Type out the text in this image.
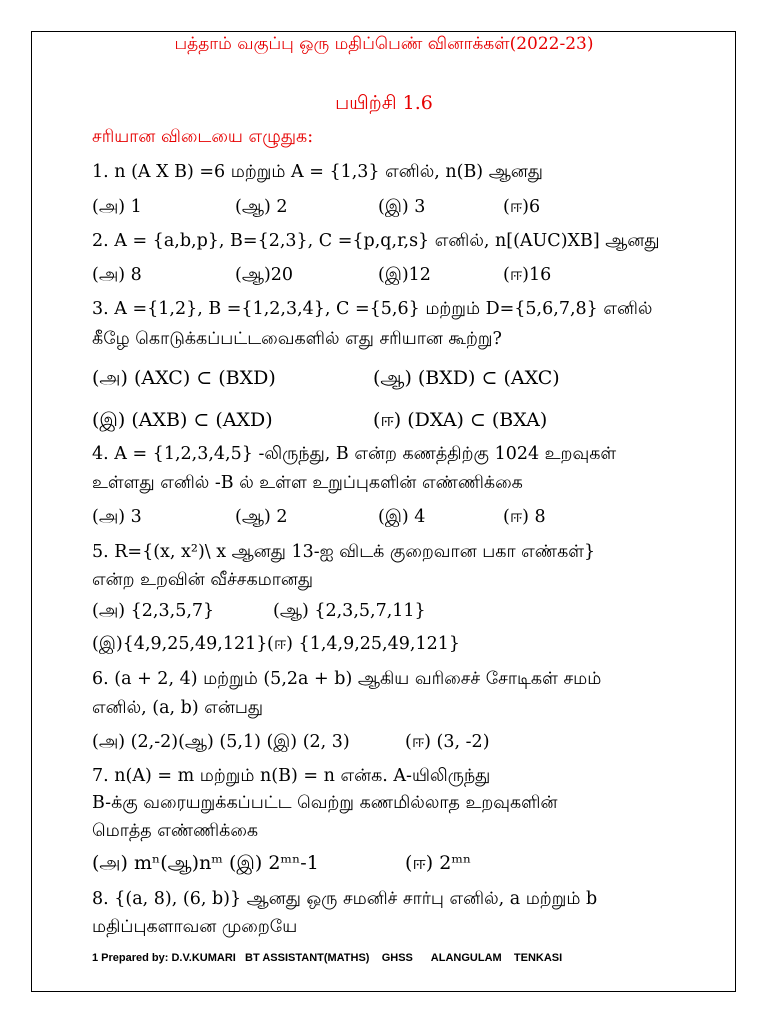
பத்தாம் வகுப்பு ஒரு மதிப்பெண் வினாக்கள்(2022-23)
பயிற்சி 1.6
சரியான விடையை எழுதுக:
1. n (A X B) =6 மற்றும் A = {1,3} எனில், n(B) ஆனது
(அ) 1	(ஆ) 2	(இ) 3	(ஈ)6
2. A = {a,b,p}, B={2,3}, C ={p,q,r,s} எனில், n[(AUC)XB] ஆனது
(அ) 8	(ஆ)20	(இ)12	(ஈ)16
3. A ={1,2}, B ={1,2,3,4}, C ={5,6} மற்றும் D={5,6,7,8} எனில்
கீழே கொடுக்கப்பட்டவைகளில் எது சரியான கூற்று?
(அ) (AXC) ⊂ (BXD)	(ஆ) (BXD) ⊂ (AXC)
(இ) (AXB) ⊂ (AXD)	(ஈ) (DXA) ⊂ (BXA)
4. A = {1,2,3,4,5} -லிருந்து, B என்ற கணத்திற்கு 1024 உறவுகள்
உள்ளது எனில் -B ல் உள்ள உறுப்புகளின் எண்ணிக்கை
(அ) 3	(ஆ) 2	(இ) 4	(ஈ) 8
5. R={(x, x²)\ x ஆனது 13-ஐ விடக் குறைவான பகா எண்கள்}
என்ற உறவின் வீச்சகமானது
(அ) {2,3,5,7}	(ஆ) {2,3,5,7,11}
(இ){4,9,25,49,121} (ஈ) {1,4,9,25,49,121}
6. (a + 2, 4) மற்றும் (5,2a + b) ஆகிய வரிசைச் சோடிகள் சமம்
எனில், (a, b) என்பது
(அ) (2,-2)(ஆ) (5,1) (இ) (2, 3)	(ஈ) (3, -2)
7. n(A) = m மற்றும் n(B) = n என்க. A-யிலிருந்து
B-க்கு வரையறுக்கப்பட்ட வெற்று கணமில்லாத உறவுகளின்
மொத்த எண்ணிக்கை
(அ) mⁿ(ஆ)nᵐ (இ) 2ᵐⁿ-1	(ஈ) 2ᵐⁿ
8. {(a, 8), (6, b)} ஆனது ஒரு சமனிச் சார்பு எனில், a மற்றும் b
மதிப்புகளாவன முறையே
1 Prepared by: D.V.KUMARI   BT ASSISTANT(MATHS)    GHSS      ALANGULAM    TENKASI
